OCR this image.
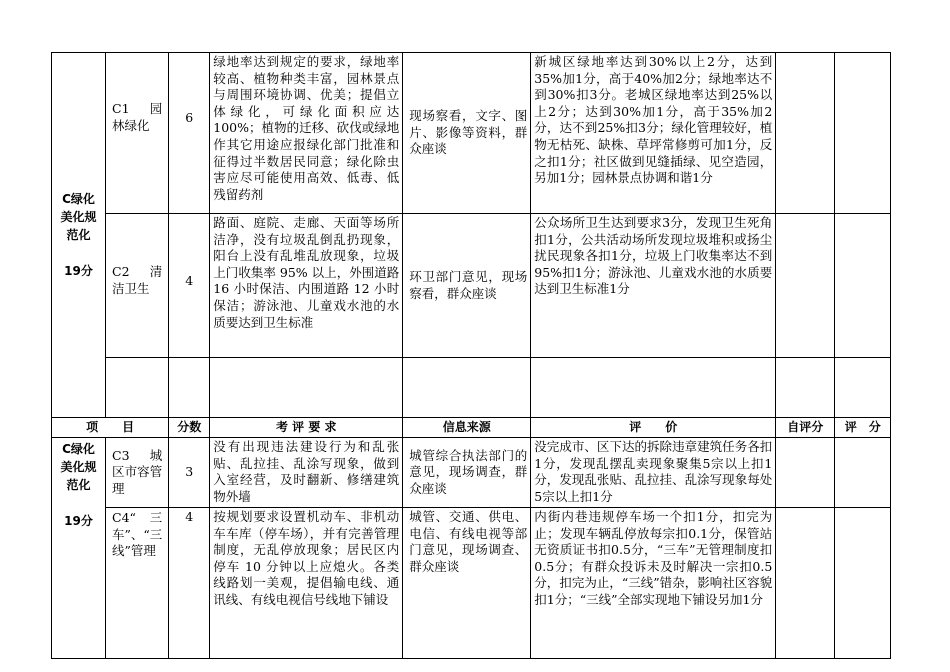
C绿化
美化规
范化
19分	C1　园林绿化	6	绿地率达到规定的要求，绿地率较高、植物种类丰富，园林景点与周围环境协调、优美；提倡立体绿化，可绿化面积应达 100%；植物的迁移、砍伐或绿地作其它用途应报绿化部门批准和征得过半数居民同意；绿化除虫害应尽可能使用高效、低毒、低残留药剂	现场察看，文字、图片、影像等资料，群众座谈	新城区绿地率达到30%以上2分，达到35%加1分，高于40%加2分；绿地率达不到30%扣3分。老城区绿地率达到25%以上2分；达到30%加1分，高于35%加2分，达不到25%扣3分；绿化管理较好，植物无枯死、缺株、草坪常修剪可加1分，反之扣1分；社区做到见缝插绿、见空造园，另加1分；园林景点协调和谐1分		
	C2　清洁卫生	4	路面、庭院、走廊、天面等场所洁净，没有垃圾乱倒乱扔现象，阳台上没有乱堆乱放现象，垃圾上门收集率 95% 以上，外围道路 16 小时保洁、内围道路 12 小时保洁；游泳池、儿童戏水池的水质要达到卫生标准	环卫部门意见，现场察看，群众座谈	公众场所卫生达到要求3分，发现卫生死角扣1分，公共活动场所发现垃圾堆积或扬尘扰民现象各扣1分，垃圾上门收集率达不到95%扣1分；游泳池、儿童戏水池的水质要达到卫生标准1分		

项　　目		分数	考 评 要 求	信息来源	评　　价	自评分	评　分

C绿化
美化规
范化
19分	C3　城区市容管理	3	没有出现违法建设行为和乱张贴、乱拉挂、乱涂写现象，做到入室经营，及时翻新、修缮建筑物外墙	城管综合执法部门的意见，现场调查，群众座谈	没完成市、区下达的拆除违章建筑任务各扣1分，发现乱摆乱卖现象聚集5宗以上扣1分，发现乱张贴、乱拉挂、乱涂写现象每处5宗以上扣1分		
	C4“三车”、“三线”管理	4	按规划要求设置机动车、非机动车车库（停车场），并有完善管理制度，无乱停放现象；居民区内停车 10 分钟以上应熄火。各类线路划一美观，提倡输电线、通讯线、有线电视信号线地下铺设	城管、交通、供电、电信、有线电视等部门意见，现场调查、群众座谈	内街内巷违规停车场一个扣1分，扣完为止；发现车辆乱停放每宗扣0.1分，保管站无资质证书扣0.5分，“三车”无管理制度扣0.5分；有群众投诉未及时解决一宗扣0.5分，扣完为止，“三线”错杂，影响社区容貌扣1分；“三线”全部实现地下铺设另加1分		
